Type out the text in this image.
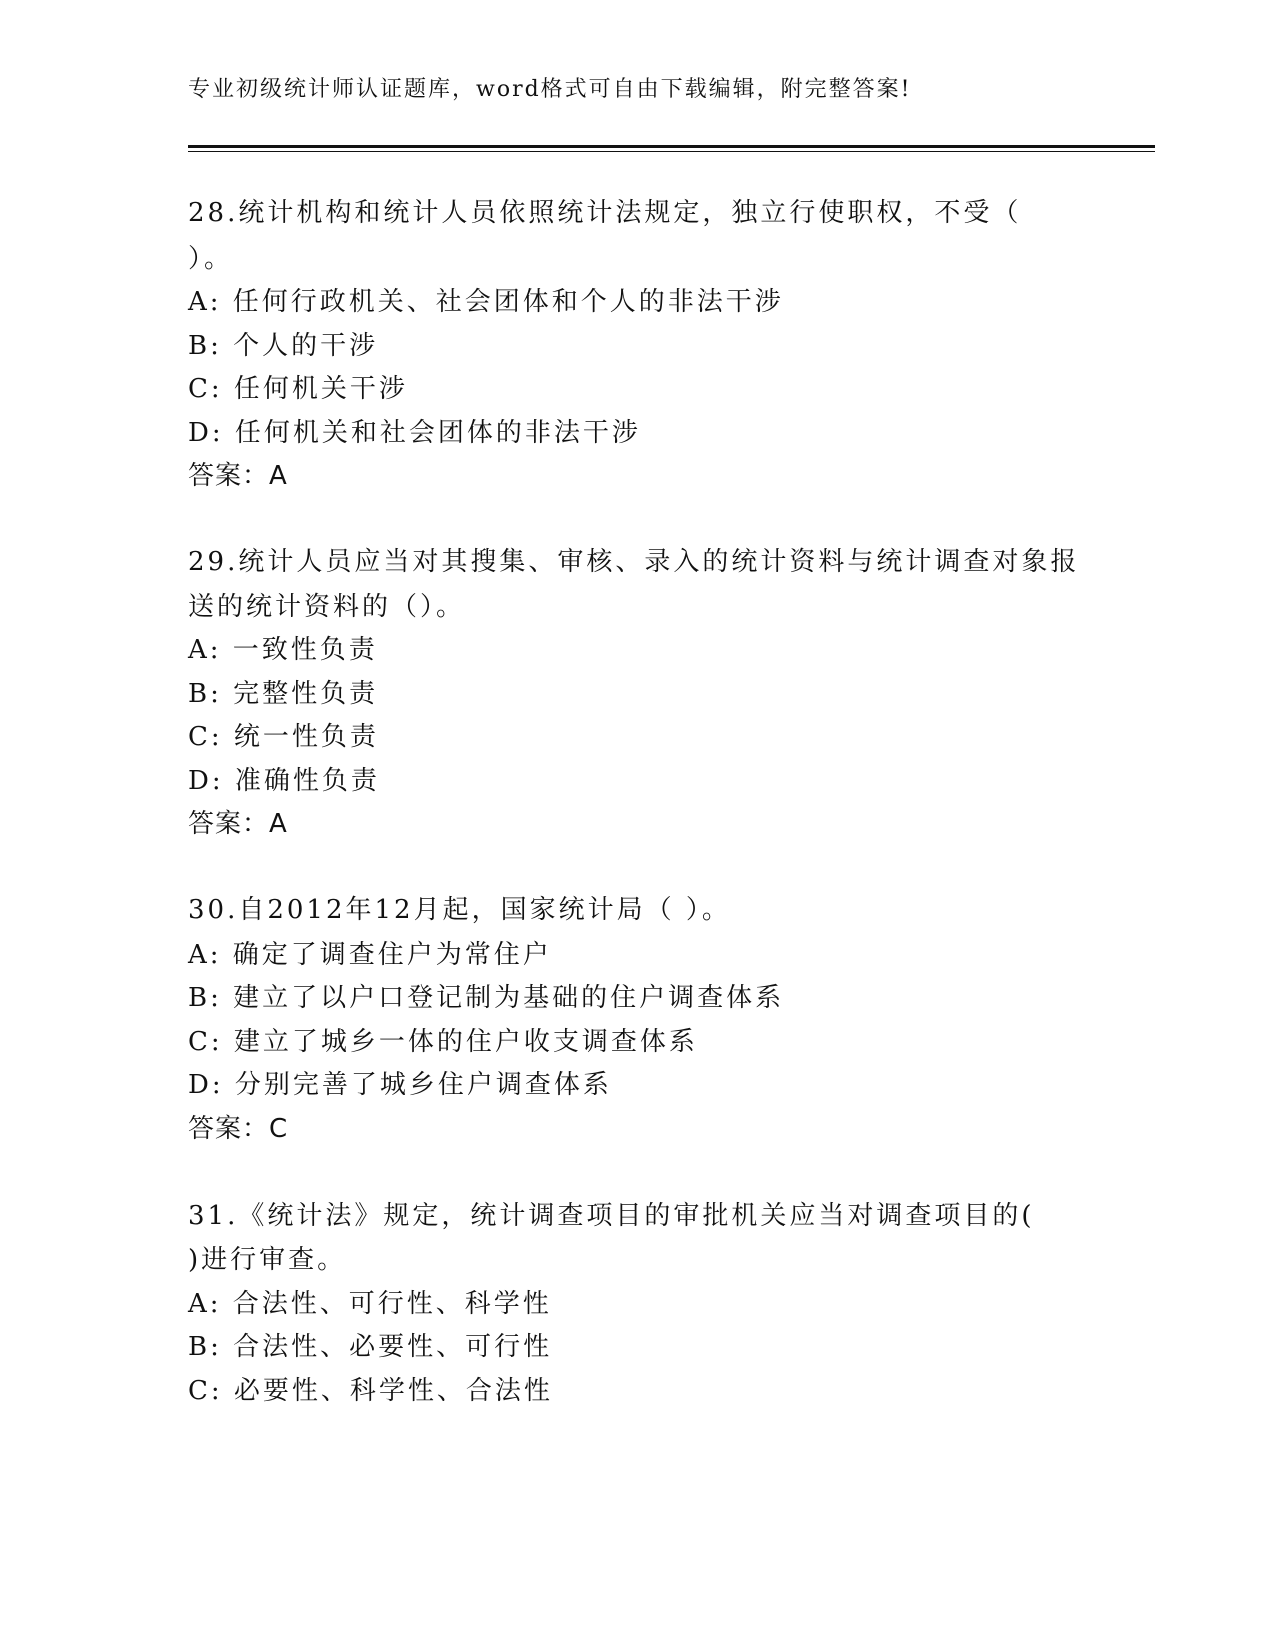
专业初级统计师认证题库，word格式可自由下载编辑，附完整答案!
28.统计机构和统计人员依照统计法规定，独立行使职权，不受（
）。
A: 任何行政机关、社会团体和个人的非法干涉
B: 个人的干涉
C: 任何机关干涉
D: 任何机关和社会团体的非法干涉
答案：A
29.统计人员应当对其搜集、审核、录入的统计资料与统计调查对象报
送的统计资料的（）。
A: 一致性负责
B: 完整性负责
C: 统一性负责
D: 准确性负责
答案：A
30.自2012年12月起，国家统计局（ ）。
A: 确定了调查住户为常住户
B: 建立了以户口登记制为基础的住户调查体系
C: 建立了城乡一体的住户收支调查体系
D: 分别完善了城乡住户调查体系
答案：C
31.《统计法》规定，统计调查项目的审批机关应当对调查项目的(
)进行审查。
A: 合法性、可行性、科学性
B: 合法性、必要性、可行性
C: 必要性、科学性、合法性
